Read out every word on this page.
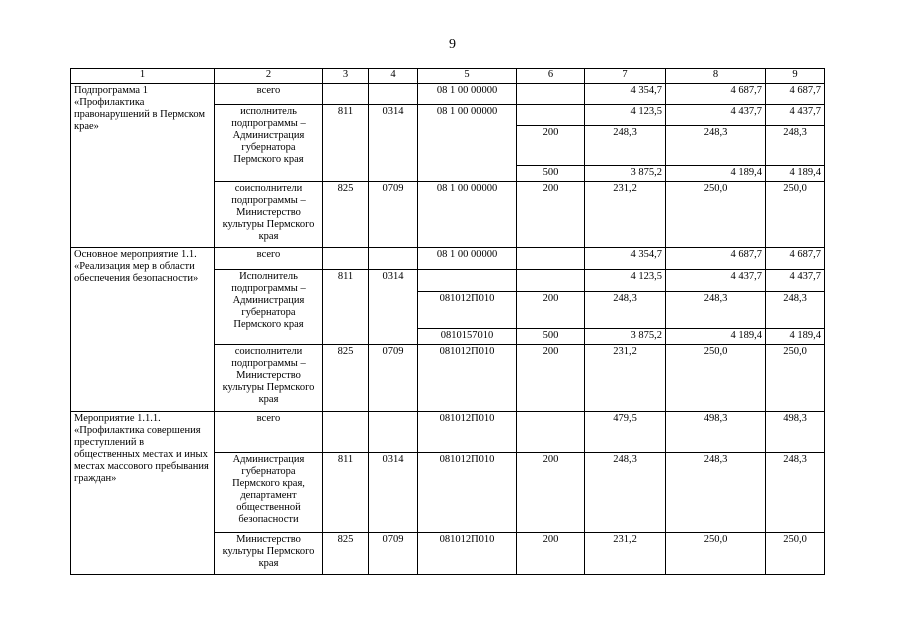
9
1	2	3	4	5	6	7	8	9
Подпрограмма 1 «Профилактика правонарушений в Пермском крае»	всего			08 1 00 00000		4 354,7	4 687,7	4 687,7
	исполнитель подпрограммы – Администрация губернатора Пермского края	811	0314	08 1 00 00000		4 123,5	4 437,7	4 437,7
					200	248,3	248,3	248,3
					500	3 875,2	4 189,4	4 189,4
	соисполнители подпрограммы – Министерство культуры Пермского края	825	0709	08 1 00 00000	200	231,2	250,0	250,0
Основное мероприятие 1.1. «Реализация мер в области обеспечения безопасности»	всего			08 1 00 00000		4 354,7	4 687,7	4 687,7
	Исполнитель подпрограммы – Администрация губернатора Пермского края	811	0314			4 123,5	4 437,7	4 437,7
				081012П010	200	248,3	248,3	248,3
				0810157010	500	3 875,2	4 189,4	4 189,4
	соисполнители подпрограммы – Министерство культуры Пермского края	825	0709	081012П010	200	231,2	250,0	250,0
Мероприятие 1.1.1. «Профилактика совершения преступлений в общественных местах и иных местах массового пребывания граждан»	всего			081012П010		479,5	498,3	498,3
	Администрация губернатора Пермского края, департамент общественной безопасности	811	0314	081012П010	200	248,3	248,3	248,3
	Министерство культуры Пермского края	825	0709	081012П010	200	231,2	250,0	250,0
